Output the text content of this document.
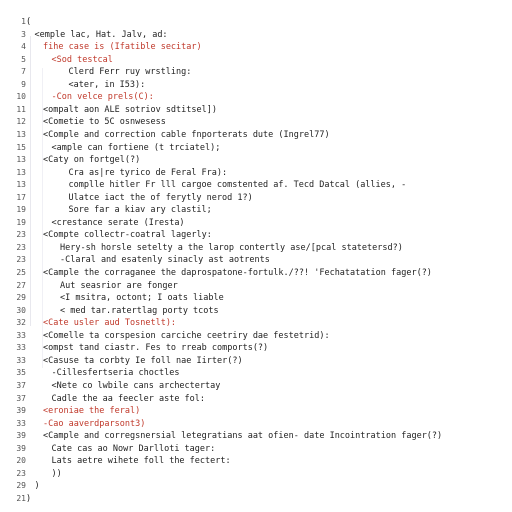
1 (
3 <emple lac, Hat. Jalv, ad:
4 fihe case is (Ifatible secitar)
5	<Sod testcal
7	Clerd Ferr ruy wrstling:
9	<ater, in I53):
10	-Con velce prels(C):
11 <ompalt aon ALE sotriov sdtitsel])
12 <Cometie to 5C osnwesess
13 <Comple and correction cable fnporterats dute (Ingrel77)
15	<ample can fortiene (t trciatel);
13 <Caty on fortgel(?)
13	Cra as|re tyrico de Feral Fra):
13	complle hitler Fr lll cargoe comstented af. Tecd Datcal (allies, -
17	Ulatce iact the of ferytly nerod 1?)
19	Sore far a kiav ary clastil;
19	<crestance serate (Iresta)
23 <Compte collectr-coatral lagerly:
23	Hery-sh horsle setelty a the larop contertly ase/[pcal statetersd?)
23	-Claral and esatenly sinacly ast aotrents
25 <Cample the corraganee the daprospatone-fortulk./??! 'Fechatatation fager(?)
27	Aut seasrior are fonger
29	<I msitra, octont; I oats liable
30	< med tar.ratertlag porty tcots
32 <Cate usler aud Tosnetlt):
33 <Comelle ta corspesion carciche ceetriry dae festetrid):
33 <ompst tand ciastr. Fes to rreab comports(?)
33 <Casuse ta corbty Ie foll nae Iirter(?)
35	-Cillesfertseria choctles
37	<Nete co lwbile cans archectertay
37	Cadle the aa feecler aste fol:
39 <eroniae the feral)
33 -Cao aaverdparsont3)
39 <Cample and corregsnersial letegratians aat ofien- date Incointration fager(?)
39	Cate cas ao Nowr Darlloti tager:
20	Lats aetre wihete foll the fectert:
23	))
29 )
21 )
